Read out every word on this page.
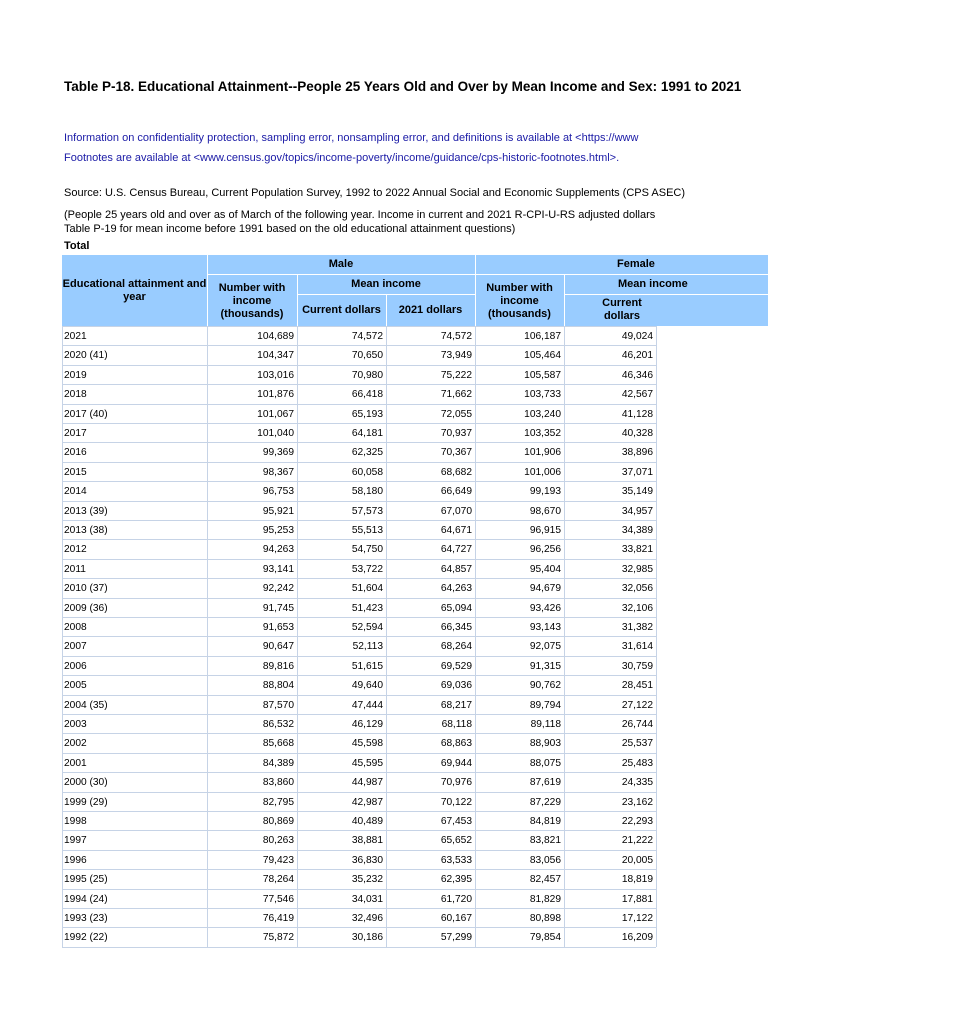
Table P-18. Educational Attainment--People 25 Years Old and Over by Mean Income and Sex: 1991 to 2021
Information on confidentiality protection, sampling error, nonsampling error, and definitions is available at <https://www
Footnotes are available at <www.census.gov/topics/income-poverty/income/guidance/cps-historic-footnotes.html>.
Source: U.S. Census Bureau, Current Population Survey, 1992 to 2022 Annual Social and Economic Supplements (CPS ASEC)
(People 25 years old and over as of March of the following year. Income in current and 2021 R-CPI-U-RS adjusted dollars
Table P-19 for mean income before 1991 based on the old educational attainment questions)
Total
Educational attainment and year
Male	Female
Number with income (thousands)
Mean income
Current dollars	2021 dollars
Number with income (thousands)
Mean income
Current dollars
2021	104,689	74,572	74,572	106,187	49,024
2020 (41)	104,347	70,650	73,949	105,464	46,201
2019	103,016	70,980	75,222	105,587	46,346
2018	101,876	66,418	71,662	103,733	42,567
2017 (40)	101,067	65,193	72,055	103,240	41,128
2017	101,040	64,181	70,937	103,352	40,328
2016	99,369	62,325	70,367	101,906	38,896
2015	98,367	60,058	68,682	101,006	37,071
2014	96,753	58,180	66,649	99,193	35,149
2013 (39)	95,921	57,573	67,070	98,670	34,957
2013 (38)	95,253	55,513	64,671	96,915	34,389
2012	94,263	54,750	64,727	96,256	33,821
2011	93,141	53,722	64,857	95,404	32,985
2010 (37)	92,242	51,604	64,263	94,679	32,056
2009 (36)	91,745	51,423	65,094	93,426	32,106
2008	91,653	52,594	66,345	93,143	31,382
2007	90,647	52,113	68,264	92,075	31,614
2006	89,816	51,615	69,529	91,315	30,759
2005	88,804	49,640	69,036	90,762	28,451
2004 (35)	87,570	47,444	68,217	89,794	27,122
2003	86,532	46,129	68,118	89,118	26,744
2002	85,668	45,598	68,863	88,903	25,537
2001	84,389	45,595	69,944	88,075	25,483
2000 (30)	83,860	44,987	70,976	87,619	24,335
1999 (29)	82,795	42,987	70,122	87,229	23,162
1998	80,869	40,489	67,453	84,819	22,293
1997	80,263	38,881	65,652	83,821	21,222
1996	79,423	36,830	63,533	83,056	20,005
1995 (25)	78,264	35,232	62,395	82,457	18,819
1994 (24)	77,546	34,031	61,720	81,829	17,881
1993 (23)	76,419	32,496	60,167	80,898	17,122
1992 (22)	75,872	30,186	57,299	79,854	16,209
